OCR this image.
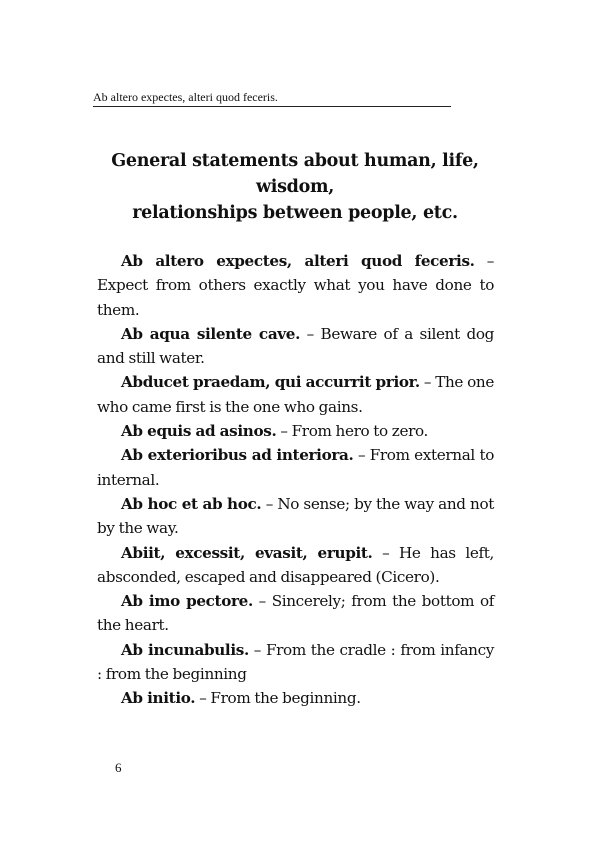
Ab altero expectes, alteri quod feceris.
General statements about human, life,
wisdom,
relationships between people, etc.

Ab altero expectes, alteri quod feceris. – Expect from others exactly what you have done to them.

Ab aqua silente cave. – Beware of a silent dog and still water.

Abducet praedam, qui accurrit prior. – The one who came first is the one who gains.

Ab equis ad asinos. – From hero to zero.

Ab exterioribus ad interiora. – From external to internal.

Ab hoc et ab hoc. – No sense; by the way and not by the way.

Abiit, excessit, evasit, erupit. – He has left, absconded, escaped and disappeared (Cicero).

Ab imo pectore. – Sincerely; from the bottom of the heart.

Ab incunabulis. – From the cradle : from infancy : from the beginning

Ab initio. – From the beginning.

6
